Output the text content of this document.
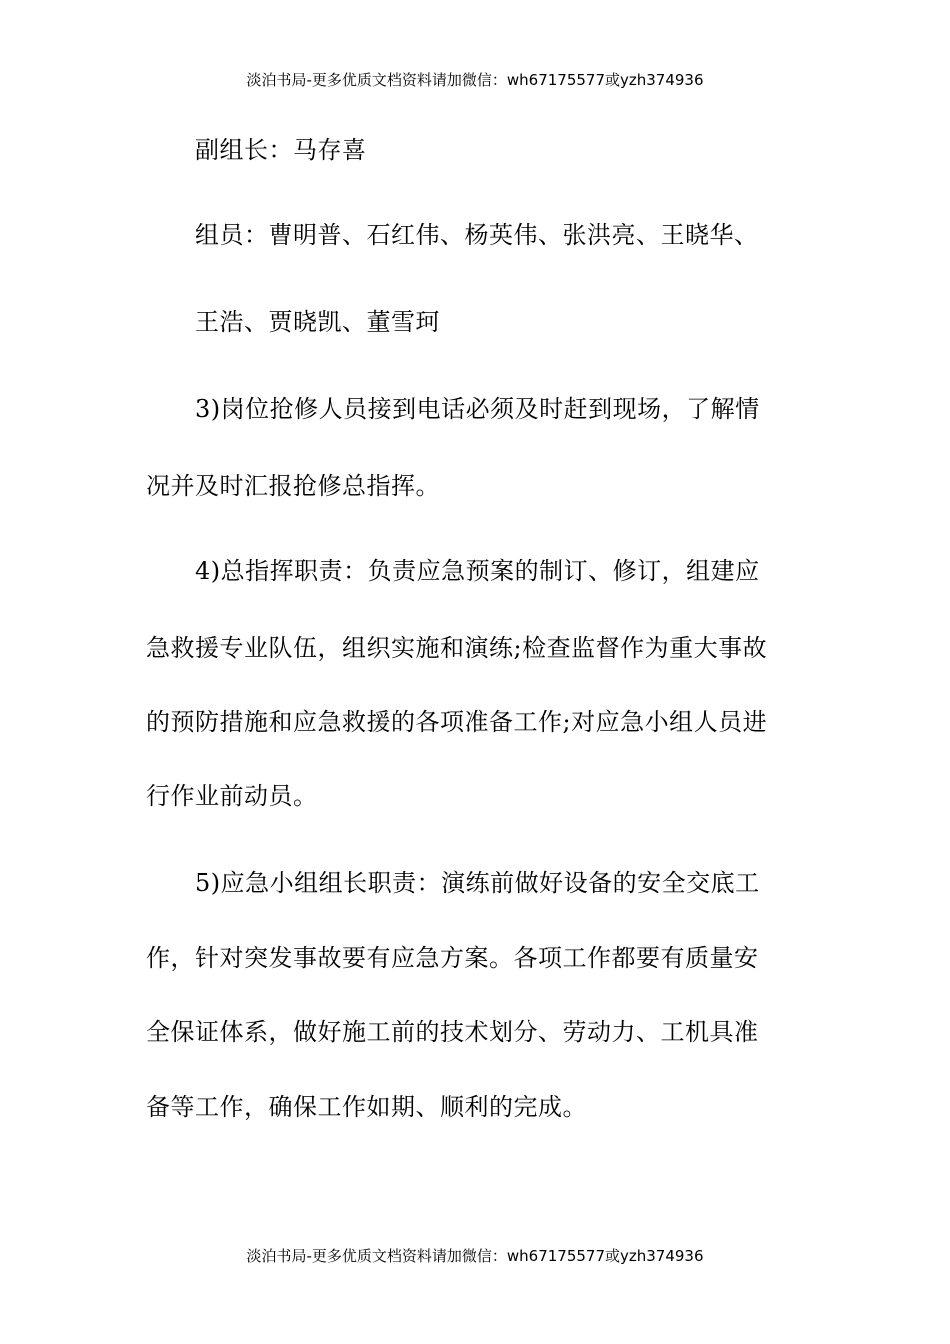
淡泊书局-更多优质文档资料请加微信：wh67175577或yzh374936
副组长：马存喜
组员：曹明普、石红伟、杨英伟、张洪亮、王晓华、
王浩、贾晓凯、董雪珂
3)岗位抢修人员接到电话必须及时赶到现场，了解情
况并及时汇报抢修总指挥。
4)总指挥职责：负责应急预案的制订、修订，组建应
急救援专业队伍，组织实施和演练;检查监督作为重大事故
的预防措施和应急救援的各项准备工作;对应急小组人员进
行作业前动员。
5)应急小组组长职责：演练前做好设备的安全交底工
作，针对突发事故要有应急方案。各项工作都要有质量安
全保证体系，做好施工前的技术划分、劳动力、工机具准
备等工作，确保工作如期、顺利的完成。
淡泊书局-更多优质文档资料请加微信：wh67175577或yzh374936
